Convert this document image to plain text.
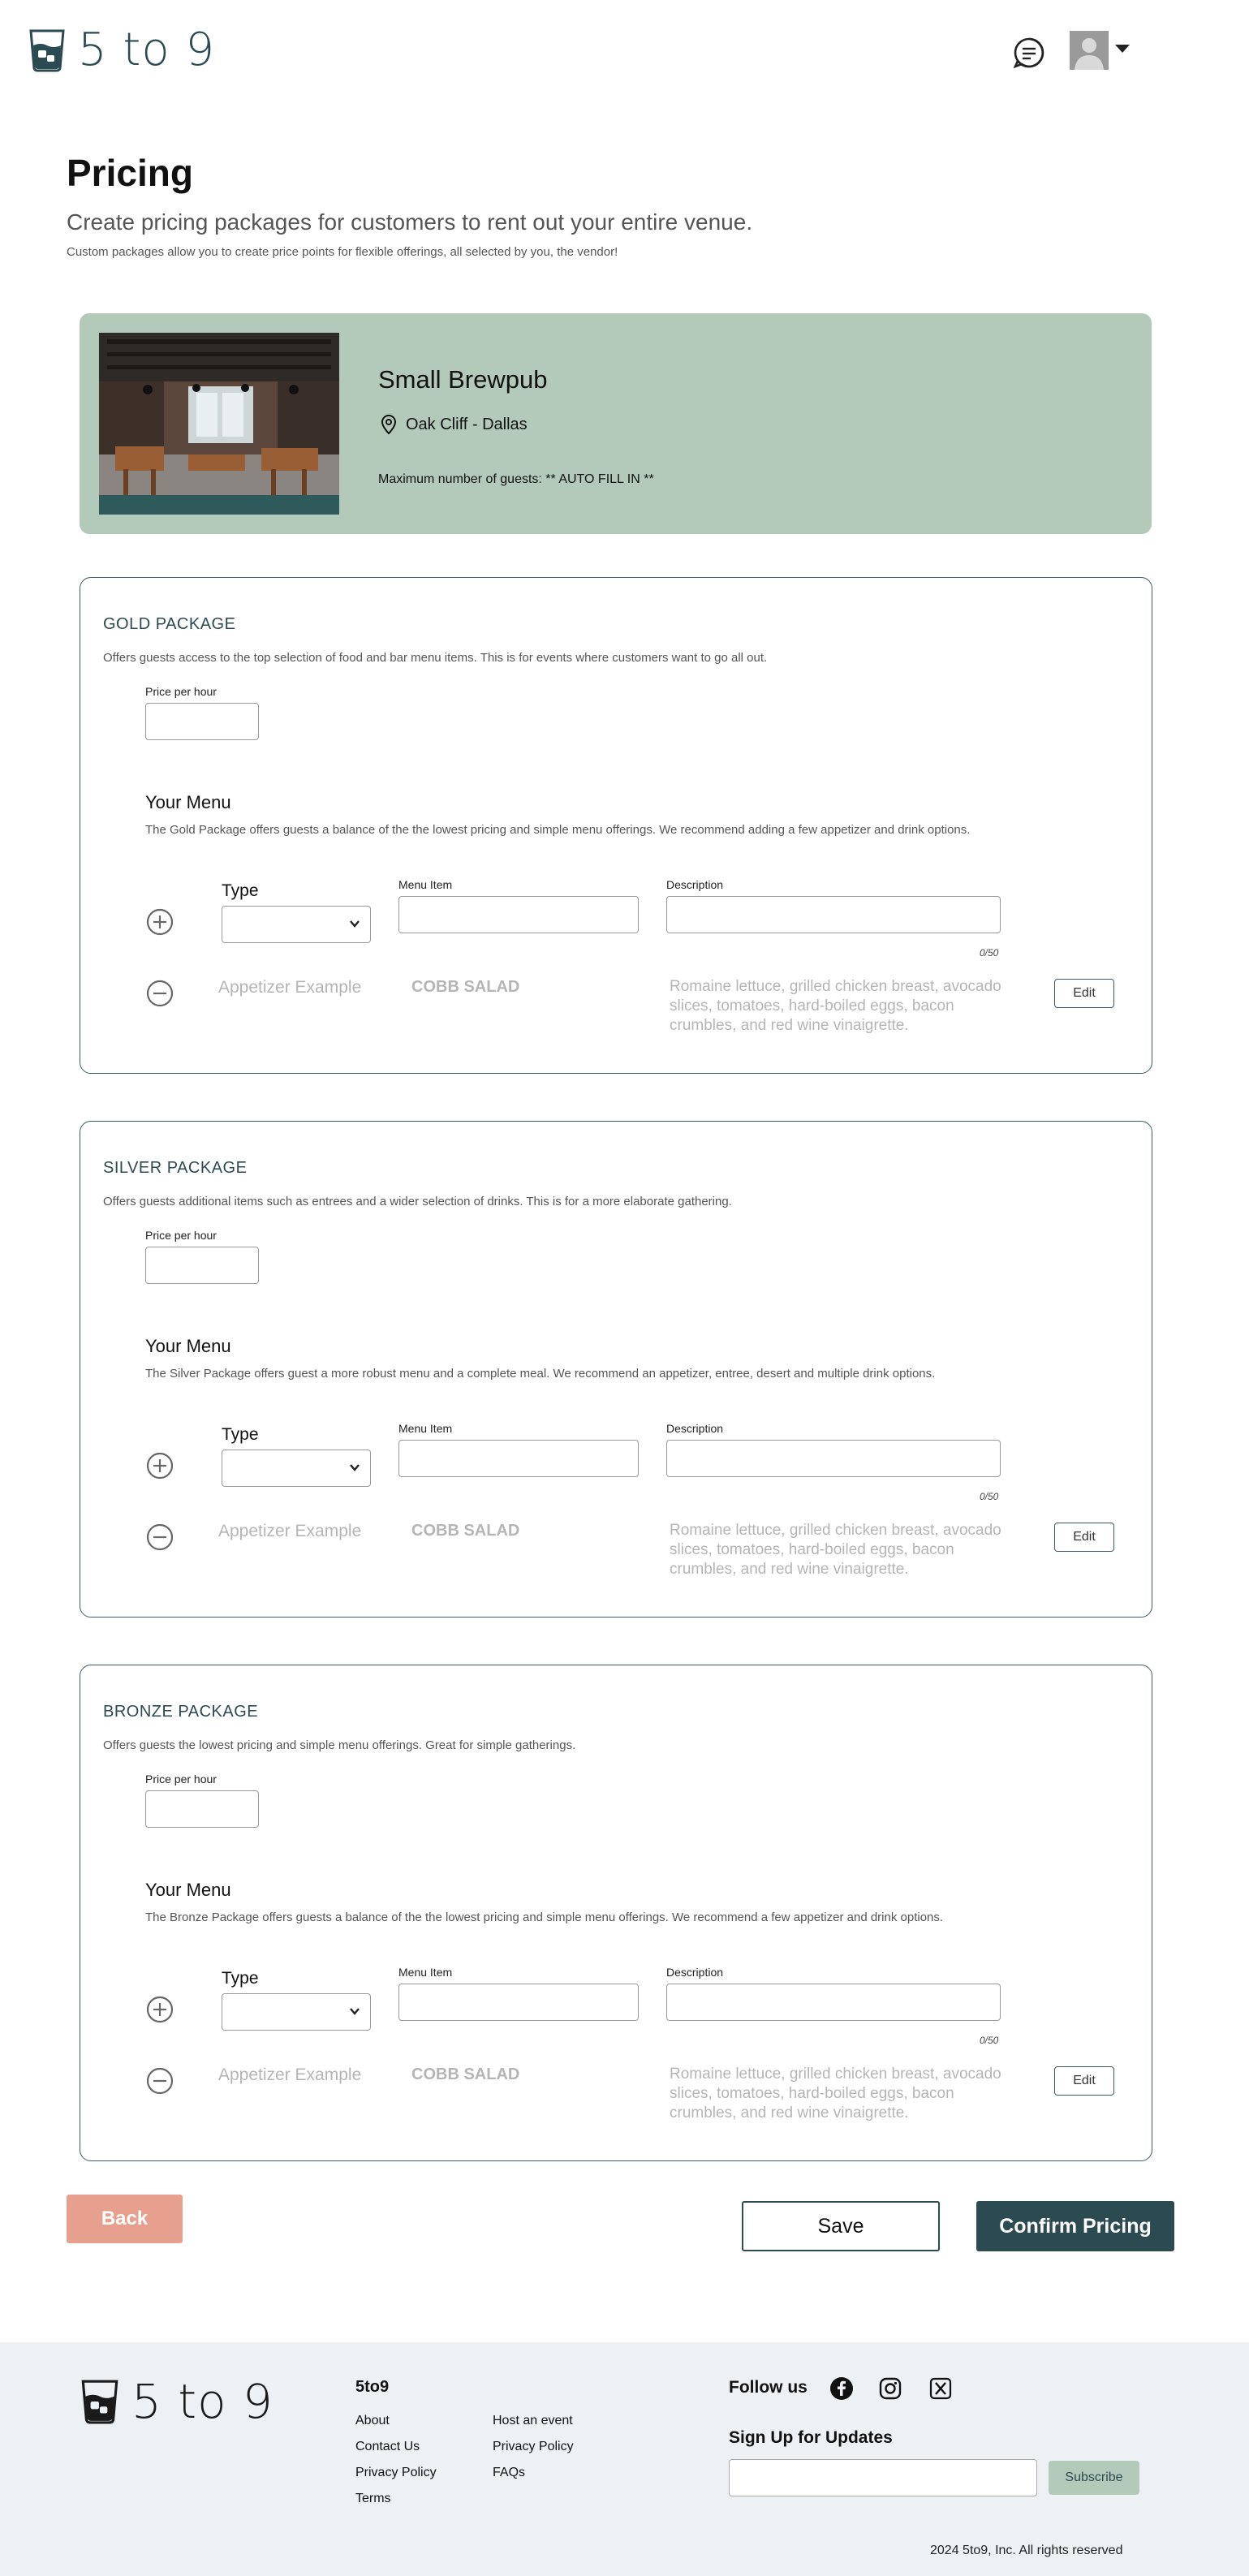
5 to 9
Pricing

Create pricing packages for customers to rent out your entire venue.

Custom packages allow you to create price points for flexible offerings, all selected by you, the vendor!

Small Brewpub
Oak Cliff - Dallas
Maximum number of guests: ** AUTO FILL IN **
GOLD PACKAGE
Offers guests access to the top selection of food and bar menu items. This is for events where customers want to go all out.
Price per hour
Your Menu
The Gold Package offers guests a balance of the the lowest pricing and simple menu offerings. We recommend adding a few appetizer and drink options.
Type	Menu Item	Description
0/50
Appetizer Example	COBB SALAD	Romaine lettuce, grilled chicken breast, avocado slices, tomatoes, hard-boiled eggs, bacon crumbles, and red wine vinaigrette.
Edit
SILVER PACKAGE
Offers guests additional items such as entrees and a wider selection of drinks. This is for a more elaborate gathering.
Price per hour
Your Menu
The Silver Package offers guest a more robust menu and a complete meal. We recommend an appetizer, entree, desert and multiple drink options.
Type	Menu Item	Description
0/50
Appetizer Example	COBB SALAD	Romaine lettuce, grilled chicken breast, avocado slices, tomatoes, hard-boiled eggs, bacon crumbles, and red wine vinaigrette.
Edit
BRONZE PACKAGE
Offers guests the lowest pricing and simple menu offerings. Great for simple gatherings.
Price per hour
Your Menu
The Bronze Package offers guests a balance of the the lowest pricing and simple menu offerings. We recommend a few appetizer and drink options.
Type	Menu Item	Description
0/50
Appetizer Example	COBB SALAD	Romaine lettuce, grilled chicken breast, avocado slices, tomatoes, hard-boiled eggs, bacon crumbles, and red wine vinaigrette.
Edit
Back	Save	Confirm Pricing
5 to 9	5to9
About
Contact Us
Privacy Policy
Terms
Host an event
Privacy Policy
FAQs
Follow us
Sign Up for Updates
Subscribe
2024 5to9, Inc. All rights reserved
